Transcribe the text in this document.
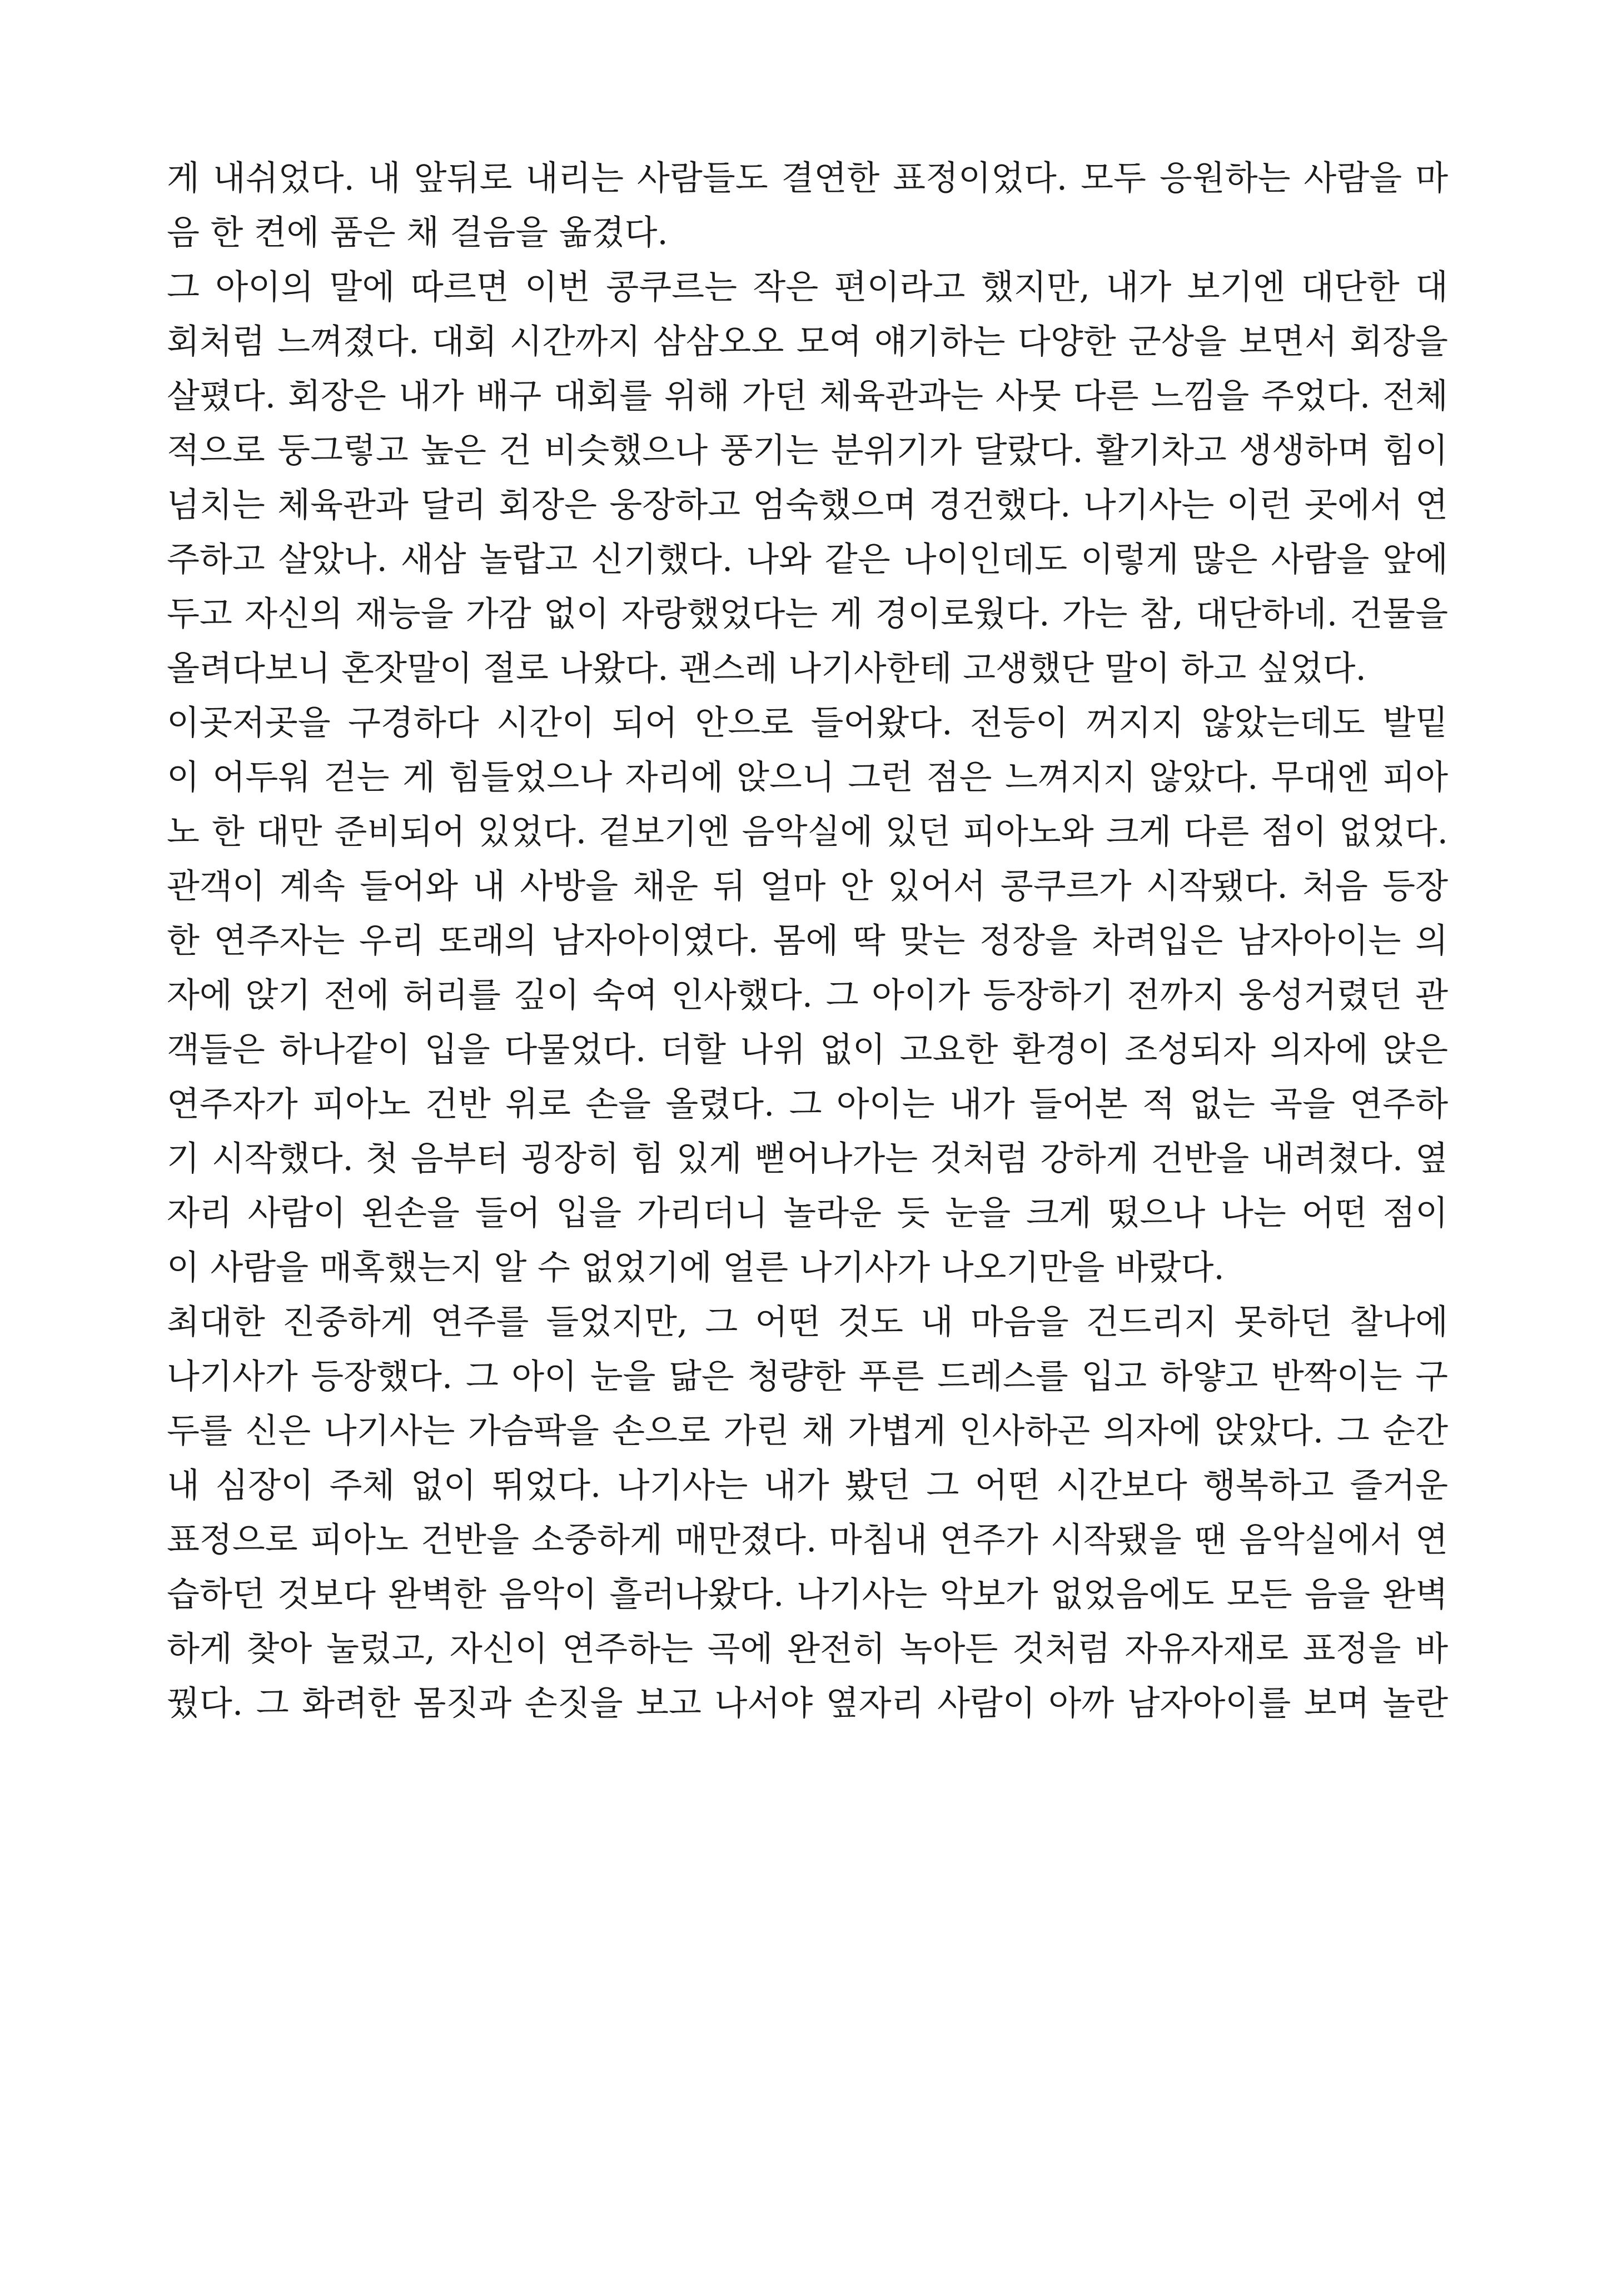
게 내쉬었다. 내 앞뒤로 내리는 사람들도 결연한 표정이었다. 모두 응원하는 사람을 마
음 한 켠에 품은 채 걸음을 옮겼다.
그 아이의 말에 따르면 이번 콩쿠르는 작은 편이라고 했지만, 내가 보기엔 대단한 대
회처럼 느껴졌다. 대회 시간까지 삼삼오오 모여 얘기하는 다양한 군상을 보면서 회장을
살폈다. 회장은 내가 배구 대회를 위해 가던 체육관과는 사뭇 다른 느낌을 주었다. 전체
적으로 둥그렇고 높은 건 비슷했으나 풍기는 분위기가 달랐다. 활기차고 생생하며 힘이
넘치는 체육관과 달리 회장은 웅장하고 엄숙했으며 경건했다. 나기사는 이런 곳에서 연
주하고 살았나. 새삼 놀랍고 신기했다. 나와 같은 나이인데도 이렇게 많은 사람을 앞에
두고 자신의 재능을 가감 없이 자랑했었다는 게 경이로웠다. 가는 참, 대단하네. 건물을
올려다보니 혼잣말이 절로 나왔다. 괜스레 나기사한테 고생했단 말이 하고 싶었다.
이곳저곳을 구경하다 시간이 되어 안으로 들어왔다. 전등이 꺼지지 않았는데도 발밑
이 어두워 걷는 게 힘들었으나 자리에 앉으니 그런 점은 느껴지지 않았다. 무대엔 피아
노 한 대만 준비되어 있었다. 겉보기엔 음악실에 있던 피아노와 크게 다른 점이 없었다.
관객이 계속 들어와 내 사방을 채운 뒤 얼마 안 있어서 콩쿠르가 시작됐다. 처음 등장
한 연주자는 우리 또래의 남자아이였다. 몸에 딱 맞는 정장을 차려입은 남자아이는 의
자에 앉기 전에 허리를 깊이 숙여 인사했다. 그 아이가 등장하기 전까지 웅성거렸던 관
객들은 하나같이 입을 다물었다. 더할 나위 없이 고요한 환경이 조성되자 의자에 앉은
연주자가 피아노 건반 위로 손을 올렸다. 그 아이는 내가 들어본 적 없는 곡을 연주하
기 시작했다. 첫 음부터 굉장히 힘 있게 뻗어나가는 것처럼 강하게 건반을 내려쳤다. 옆
자리 사람이 왼손을 들어 입을 가리더니 놀라운 듯 눈을 크게 떴으나 나는 어떤 점이
이 사람을 매혹했는지 알 수 없었기에 얼른 나기사가 나오기만을 바랐다.
최대한 진중하게 연주를 들었지만, 그 어떤 것도 내 마음을 건드리지 못하던 찰나에
나기사가 등장했다. 그 아이 눈을 닮은 청량한 푸른 드레스를 입고 하얗고 반짝이는 구
두를 신은 나기사는 가슴팍을 손으로 가린 채 가볍게 인사하곤 의자에 앉았다. 그 순간
내 심장이 주체 없이 뛰었다. 나기사는 내가 봤던 그 어떤 시간보다 행복하고 즐거운
표정으로 피아노 건반을 소중하게 매만졌다. 마침내 연주가 시작됐을 땐 음악실에서 연
습하던 것보다 완벽한 음악이 흘러나왔다. 나기사는 악보가 없었음에도 모든 음을 완벽
하게 찾아 눌렀고, 자신이 연주하는 곡에 완전히 녹아든 것처럼 자유자재로 표정을 바
꿨다. 그 화려한 몸짓과 손짓을 보고 나서야 옆자리 사람이 아까 남자아이를 보며 놀란
